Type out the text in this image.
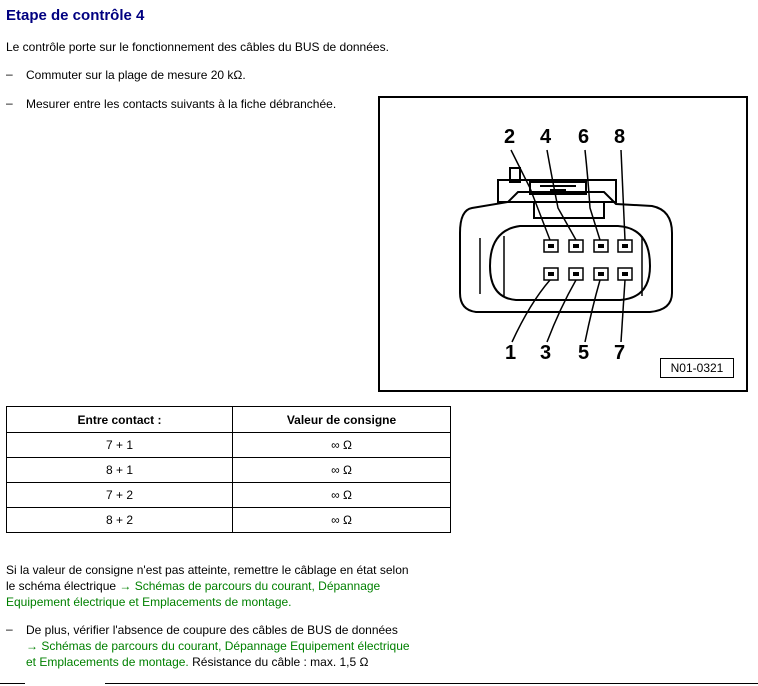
Etape de contrôle 4
Le contrôle porte sur le fonctionnement des câbles du BUS de données.
–	Commuter sur la plage de mesure 20 kΩ.
–	Mesurer entre les contacts suivants à la fiche débranchée.
2 4 6 8
1 3 5 7
N01-0321
Entre contact :	Valeur de consigne
7 + 1	∞ Ω
8 + 1	∞ Ω
7 + 2	∞ Ω
8 + 2	∞ Ω
Si la valeur de consigne n'est pas atteinte, remettre le câblage en état selon
le schéma électrique → Schémas de parcours du courant, Dépannage
Equipement électrique et Emplacements de montage.
–	De plus, vérifier l'absence de coupure des câbles de BUS de données
→ Schémas de parcours du courant, Dépannage Equipement électrique
et Emplacements de montage. Résistance du câble : max. 1,5 Ω
